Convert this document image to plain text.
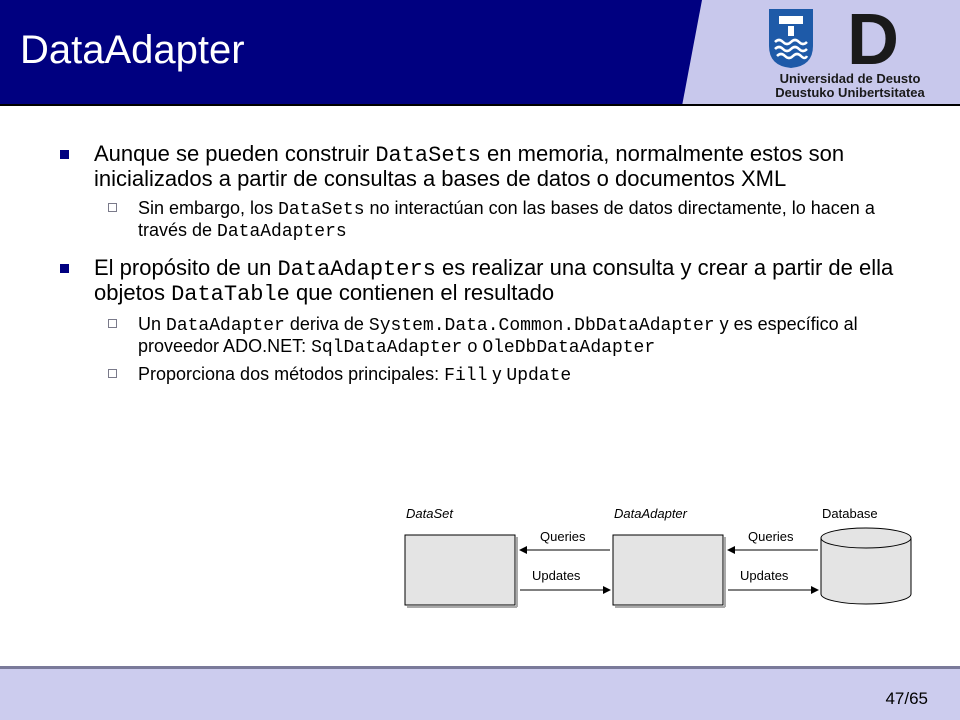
DataAdapter	D
Universidad de Deusto
Deustuko Unibertsitatea
Aunque se pueden construir DataSets en memoria, normalmente estos son inicializados a partir de consultas a bases de datos o documentos XML
Sin embargo, los DataSets no interactúan con las bases de datos directamente, lo hacen a través de DataAdapters
El propósito de un DataAdapters es realizar una consulta y crear a partir de ella objetos DataTable que contienen el resultado
Un DataAdapter deriva de System.Data.Common.DbDataAdapter y es específico al proveedor ADO.NET: SqlDataAdapter o OleDbDataAdapter
Proporciona dos métodos principales: Fill y Update
DataSet	DataAdapter	Database
Queries
Updates
Queries
Updates
47/65
